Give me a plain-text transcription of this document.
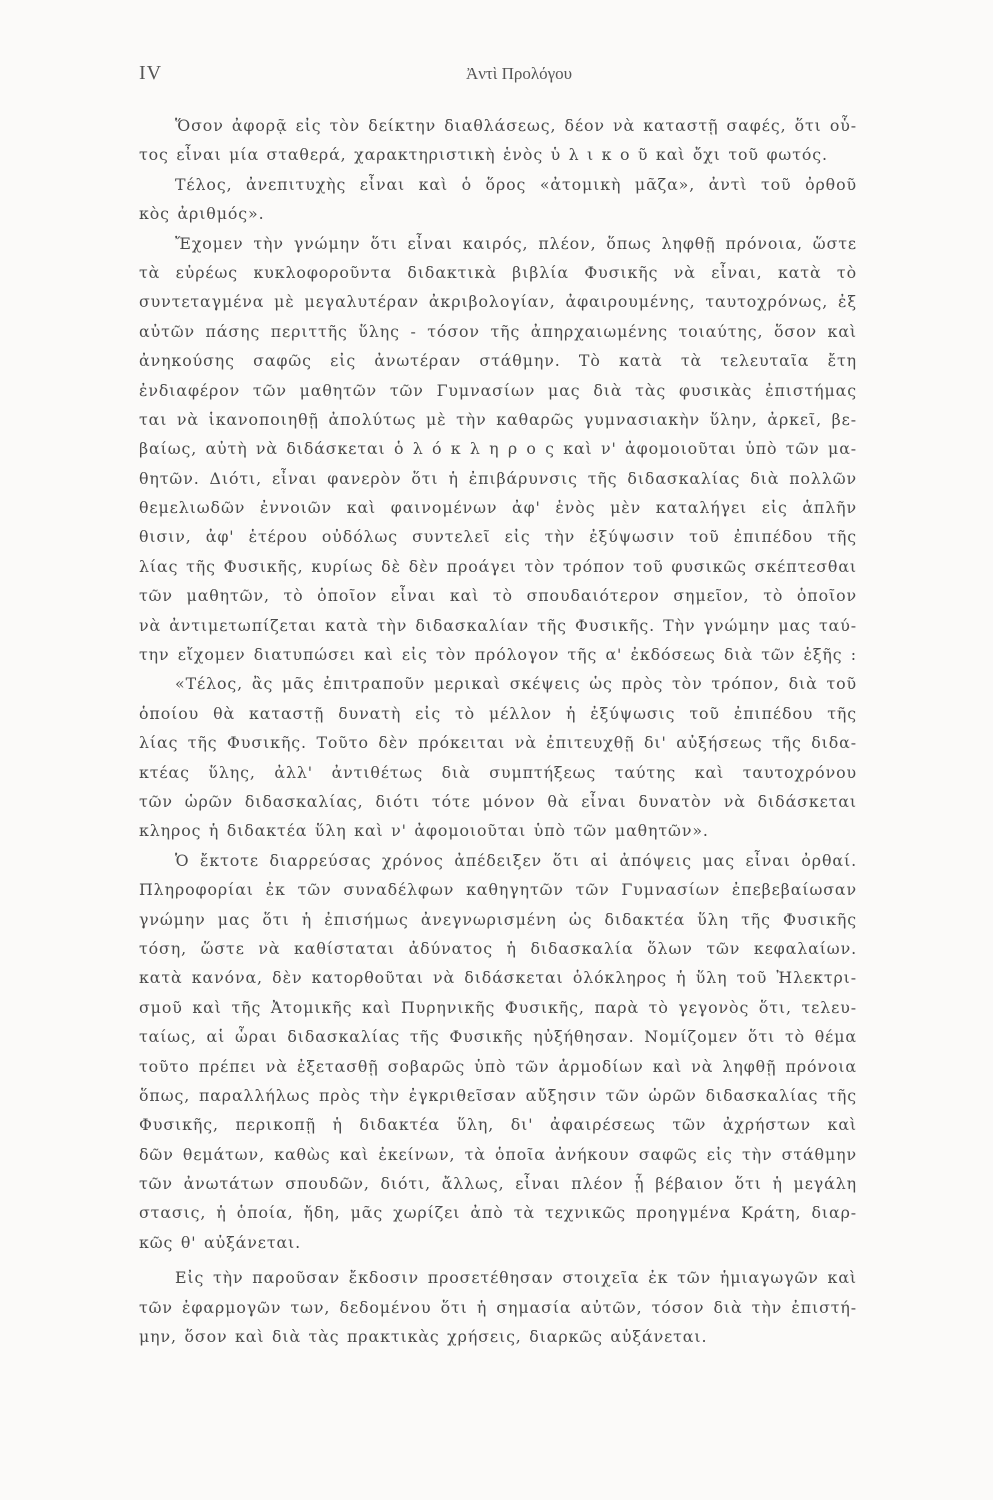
IV	Ἀντὶ Προλόγου
Ὅσον ἀφορᾷ εἰς τὸν δείκτην διαθλάσεως, δέον νὰ καταστῇ σαφές, ὅτι οὗ-
τος εἶναι μία σταθερά, χαρακτηριστικὴ ἑνὸς ὑ λ ι κ ο ῦ καὶ ὄχι τοῦ φωτός.
Τέλος, ἀνεπιτυχὴς εἶναι καὶ ὁ ὅρος «ἀτομικὴ μᾶζα», ἀντὶ τοῦ ὀρθοῦ
κὸς ἀριθμός».
Ἔχομεν τὴν γνώμην ὅτι εἶναι καιρός, πλέον, ὅπως ληφθῇ πρόνοια, ὥστε
τὰ εὐρέως κυκλοφοροῦντα διδακτικὰ βιβλία Φυσικῆς νὰ εἶναι, κατὰ τὸ
συντεταγμένα μὲ μεγαλυτέραν ἀκριβολογίαν, ἀφαιρουμένης, ταυτοχρόνως, ἐξ
αὐτῶν πάσης περιττῆς ὕλης - τόσον τῆς ἀπηρχαιωμένης τοιαύτης, ὅσον καὶ
ἀνηκούσης σαφῶς εἰς ἀνωτέραν στάθμην. Τὸ κατὰ τὰ τελευταῖα ἔτη
ἐνδιαφέρον τῶν μαθητῶν τῶν Γυμνασίων μας διὰ τὰς φυσικὰς ἐπιστήμας
ται νὰ ἱκανοποιηθῇ ἀπολύτως μὲ τὴν καθαρῶς γυμνασιακὴν ὕλην, ἀρκεῖ, βε-
βαίως, αὐτὴ νὰ διδάσκεται ὁ λ ό κ λ η ρ ο ς καὶ ν' ἀφομοιοῦται ὑπὸ τῶν μα-
θητῶν. Διότι, εἶναι φανερὸν ὅτι ἡ ἐπιβάρυνσις τῆς διδασκαλίας διὰ πολλῶν
θεμελιωδῶν ἐννοιῶν καὶ φαινομένων ἀφ' ἑνὸς μὲν καταλήγει εἰς ἁπλῆν
θισιν, ἀφ' ἑτέρου οὐδόλως συντελεῖ εἰς τὴν ἐξύψωσιν τοῦ ἐπιπέδου τῆς
λίας τῆς Φυσικῆς, κυρίως δὲ δὲν προάγει τὸν τρόπον τοῦ φυσικῶς σκέπτεσθαι
τῶν μαθητῶν, τὸ ὁποῖον εἶναι καὶ τὸ σπουδαιότερον σημεῖον, τὸ ὁποῖον
νὰ ἀντιμετωπίζεται κατὰ τὴν διδασκαλίαν τῆς Φυσικῆς. Τὴν γνώμην μας ταύ-
την εἴχομεν διατυπώσει καὶ εἰς τὸν πρόλογον τῆς α' ἐκδόσεως διὰ τῶν ἑξῆς :
«Τέλος, ἂς μᾶς ἐπιτραποῦν μερικαὶ σκέψεις ὡς πρὸς τὸν τρόπον, διὰ τοῦ
ὁποίου θὰ καταστῇ δυνατὴ εἰς τὸ μέλλον ἡ ἐξύψωσις τοῦ ἐπιπέδου τῆς
λίας τῆς Φυσικῆς. Τοῦτο δὲν πρόκειται νὰ ἐπιτευχθῇ δι' αὐξήσεως τῆς διδα-
κτέας ὕλης, ἀλλ' ἀντιθέτως διὰ συμπτήξεως ταύτης καὶ ταυτοχρόνου
τῶν ὡρῶν διδασκαλίας, διότι τότε μόνον θὰ εἶναι δυνατὸν νὰ διδάσκεται
κληρος ἡ διδακτέα ὕλη καὶ ν' ἀφομοιοῦται ὑπὸ τῶν μαθητῶν».
Ὁ ἔκτοτε διαρρεύσας χρόνος ἀπέδειξεν ὅτι αἱ ἀπόψεις μας εἶναι ὀρθαί.
Πληροφορίαι ἐκ τῶν συναδέλφων καθηγητῶν τῶν Γυμνασίων ἐπεβεβαίωσαν
γνώμην μας ὅτι ἡ ἐπισήμως ἀνεγνωρισμένη ὡς διδακτέα ὕλη τῆς Φυσικῆς
τόση, ὥστε νὰ καθίσταται ἀδύνατος ἡ διδασκαλία ὅλων τῶν κεφαλαίων.
κατὰ κανόνα, δὲν κατορθοῦται νὰ διδάσκεται ὁλόκληρος ἡ ὕλη τοῦ Ἠλεκτρι-
σμοῦ καὶ τῆς Ἀτομικῆς καὶ Πυρηνικῆς Φυσικῆς, παρὰ τὸ γεγονὸς ὅτι, τελευ-
ταίως, αἱ ὧραι διδασκαλίας τῆς Φυσικῆς ηὐξήθησαν. Νομίζομεν ὅτι τὸ θέμα
τοῦτο πρέπει νὰ ἐξετασθῇ σοβαρῶς ὑπὸ τῶν ἁρμοδίων καὶ νὰ ληφθῇ πρόνοια
ὅπως, παραλλήλως πρὸς τὴν ἐγκριθεῖσαν αὔξησιν τῶν ὡρῶν διδασκαλίας τῆς
Φυσικῆς, περικοπῇ ἡ διδακτέα ὕλη, δι' ἀφαιρέσεως τῶν ἀχρήστων καὶ
δῶν θεμάτων, καθὼς καὶ ἐκείνων, τὰ ὁποῖα ἀνήκουν σαφῶς εἰς τὴν στάθμην
τῶν ἀνωτάτων σπουδῶν, διότι, ἄλλως, εἶναι πλέον ᾗ βέβαιον ὅτι ἡ μεγάλη
στασις, ἡ ὁποία, ἤδη, μᾶς χωρίζει ἀπὸ τὰ τεχνικῶς προηγμένα Κράτη, διαρ-
κῶς θ' αὐξάνεται.
Εἰς τὴν παροῦσαν ἔκδοσιν προσετέθησαν στοιχεῖα ἐκ τῶν ἡμιαγωγῶν καὶ
τῶν ἐφαρμογῶν των, δεδομένου ὅτι ἡ σημασία αὐτῶν, τόσον διὰ τὴν ἐπιστή-
μην, ὅσον καὶ διὰ τὰς πρακτικὰς χρήσεις, διαρκῶς αὐξάνεται.
